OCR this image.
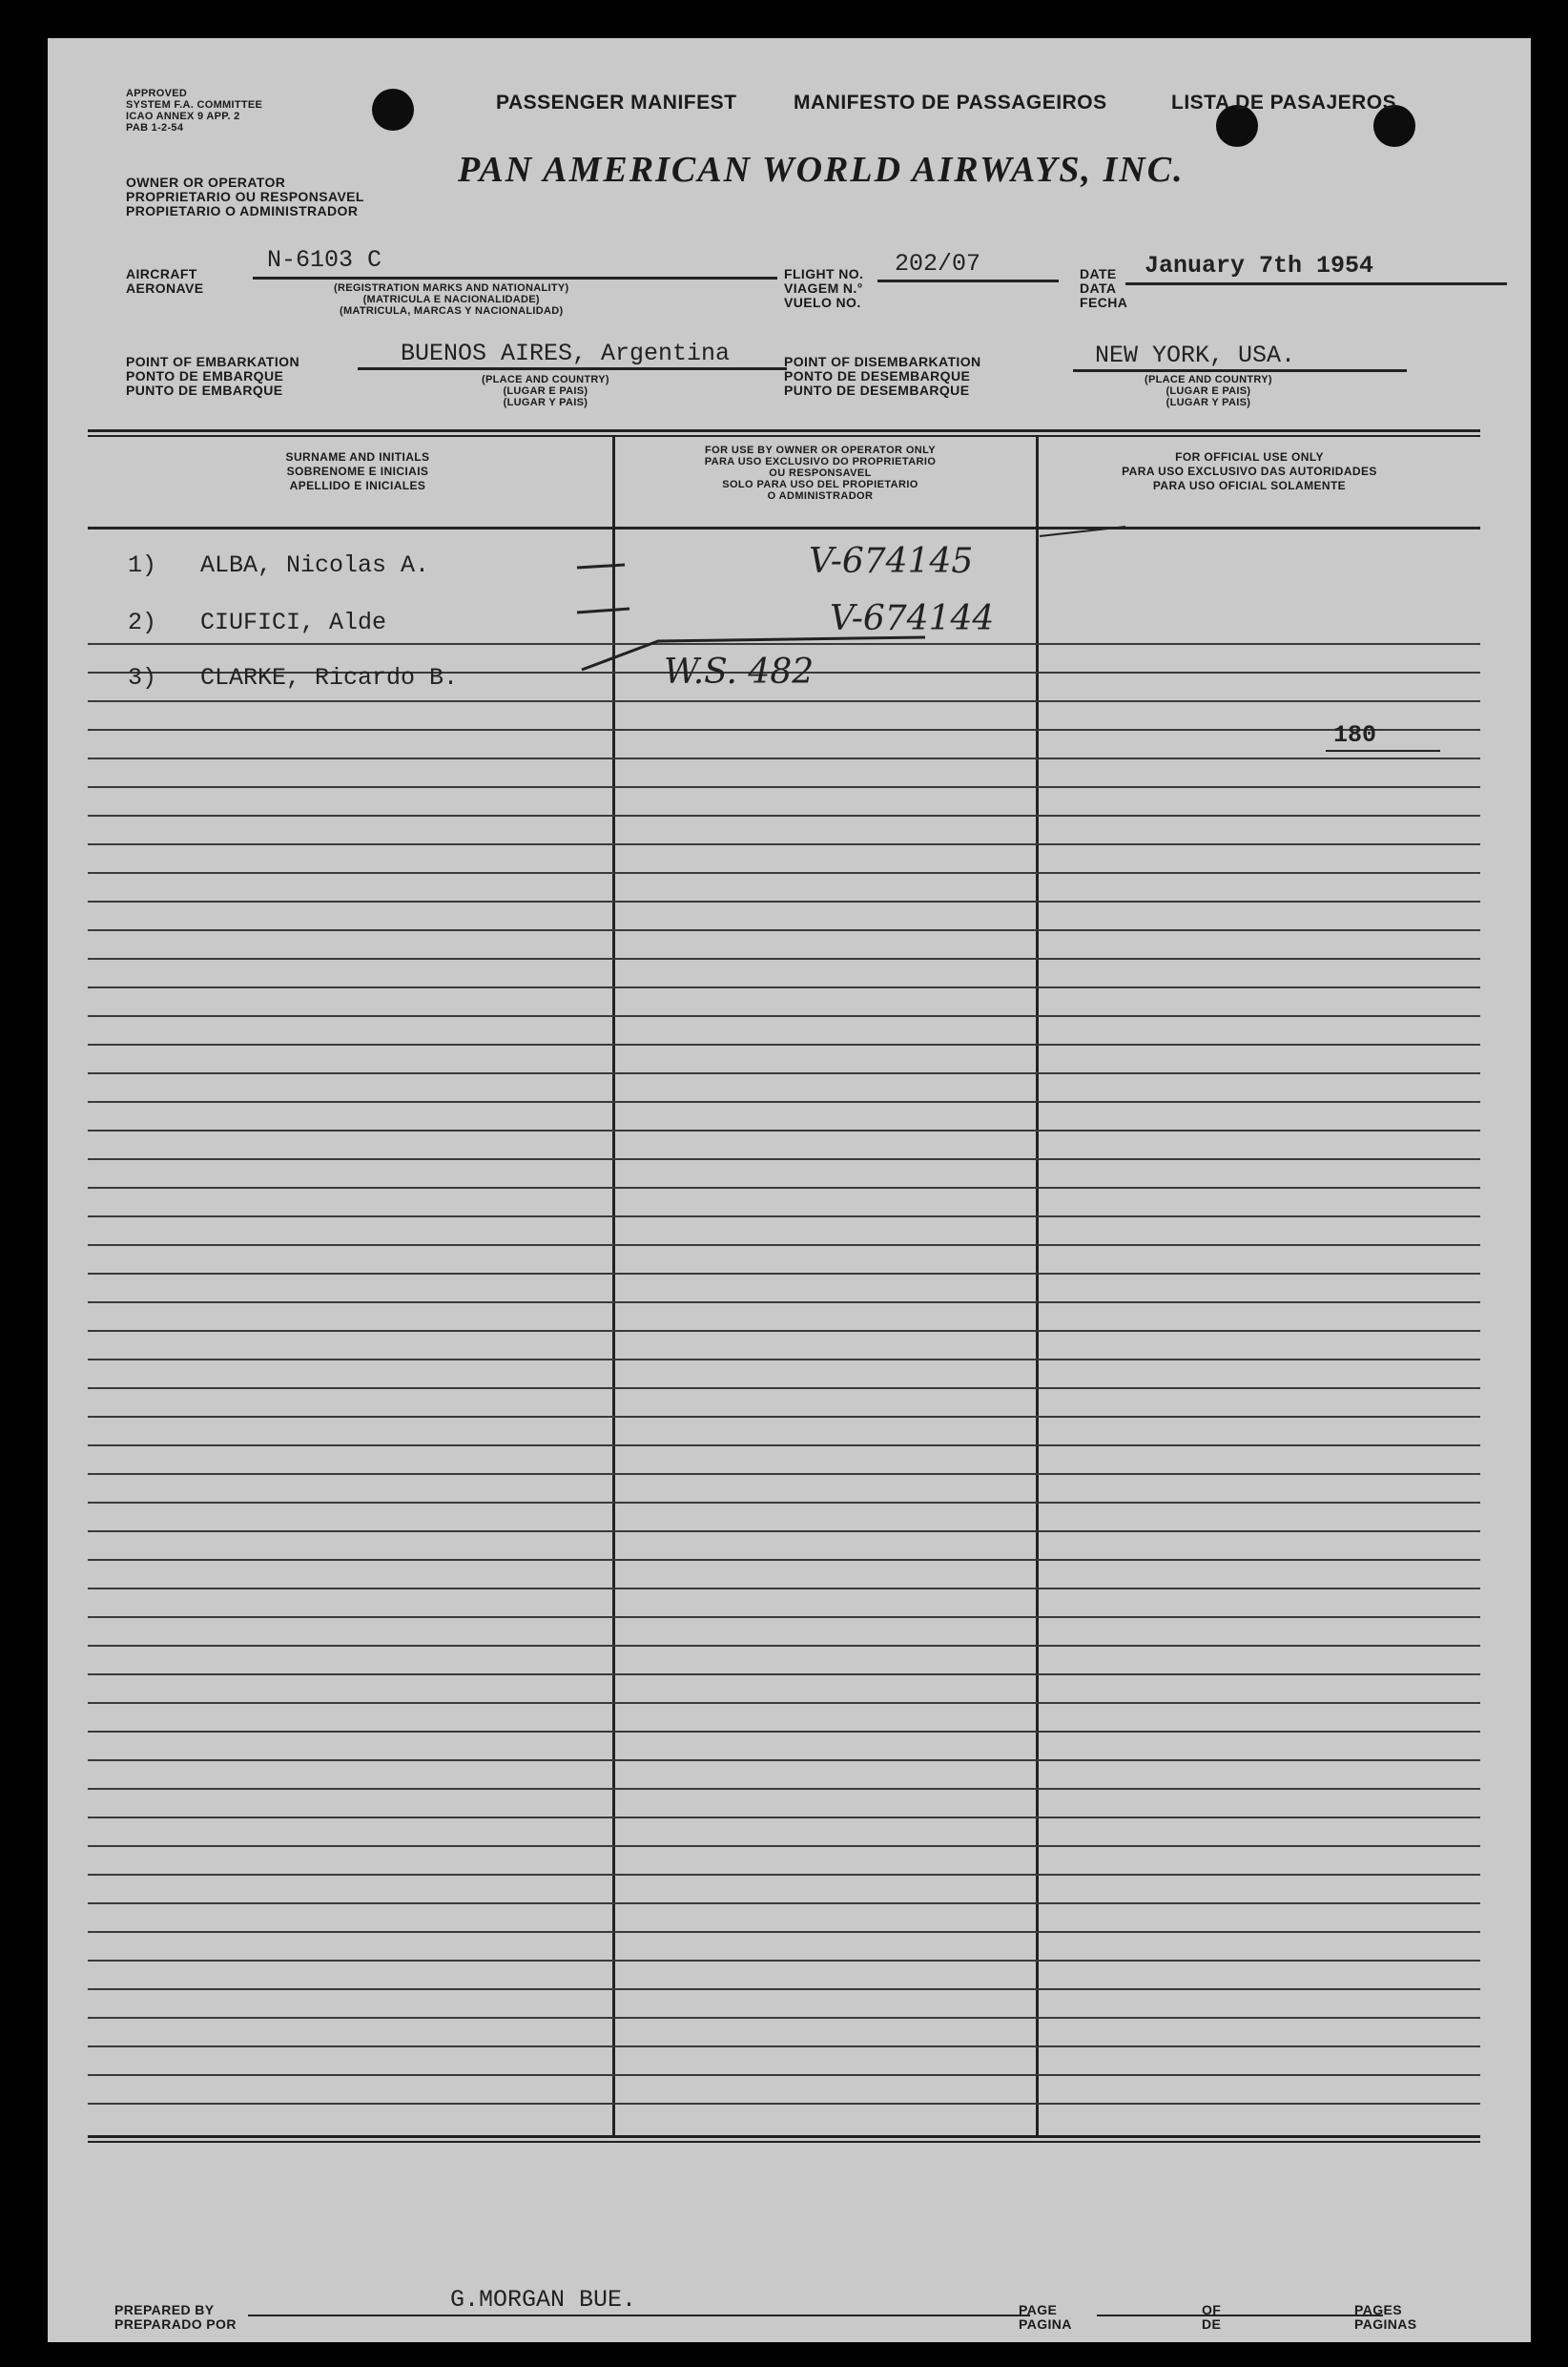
APPROVED
SYSTEM F.A. COMMITTEE
ICAO ANNEX 9 APP. 2
PAB 1-2-54
PASSENGER MANIFEST	MANIFESTO DE PASSAGEIROS	LISTA DE PASAJEROS
OWNER OR OPERATOR
PROPRIETARIO OU RESPONSAVEL
PROPIETARIO O ADMINISTRADOR
PAN AMERICAN WORLD AIRWAYS, INC.
AIRCRAFT
AERONAVE
N-6103 C
(REGISTRATION MARKS AND NATIONALITY)
(MATRICULA E NACIONALIDADE)
(MATRICULA, MARCAS Y NACIONALIDAD)
FLIGHT NO.
VIAGEM N.°
VUELO NO.
202/07	DATE
DATA
FECHA
January 7th 1954
POINT OF EMBARKATION
PONTO DE EMBARQUE
PUNTO DE EMBARQUE
BUENOS AIRES, Argentina
(PLACE AND COUNTRY)
(LUGAR E PAIS)
(LUGAR Y PAIS)
POINT OF DISEMBARKATION
PONTO DE DESEMBARQUE
PUNTO DE DESEMBARQUE
NEW YORK, USA.
(PLACE AND COUNTRY)
(LUGAR E PAIS)
(LUGAR Y PAIS)
SURNAME AND INITIALS
SOBRENOME E INICIAIS
APELLIDO E INICIALES
FOR USE BY OWNER OR OPERATOR ONLY
PARA USO EXCLUSIVO DO PROPRIETARIO
OU RESPONSAVEL
SOLO PARA USO DEL PROPIETARIO
O ADMINISTRADOR
FOR OFFICIAL USE ONLY
PARA USO EXCLUSIVO DAS AUTORIDADES
PARA USO OFICIAL SOLAMENTE
1) ALBA, Nicolas A.	V-674145
2) CIUFICI, Alde	V-674144
3) CLARKE, Ricardo B.	W.S. 482
180
PREPARED BY
PREPARADO POR
G.MORGAN BUE.	PAGE
PAGINA
OF
DE
PAGES
PAGINAS
